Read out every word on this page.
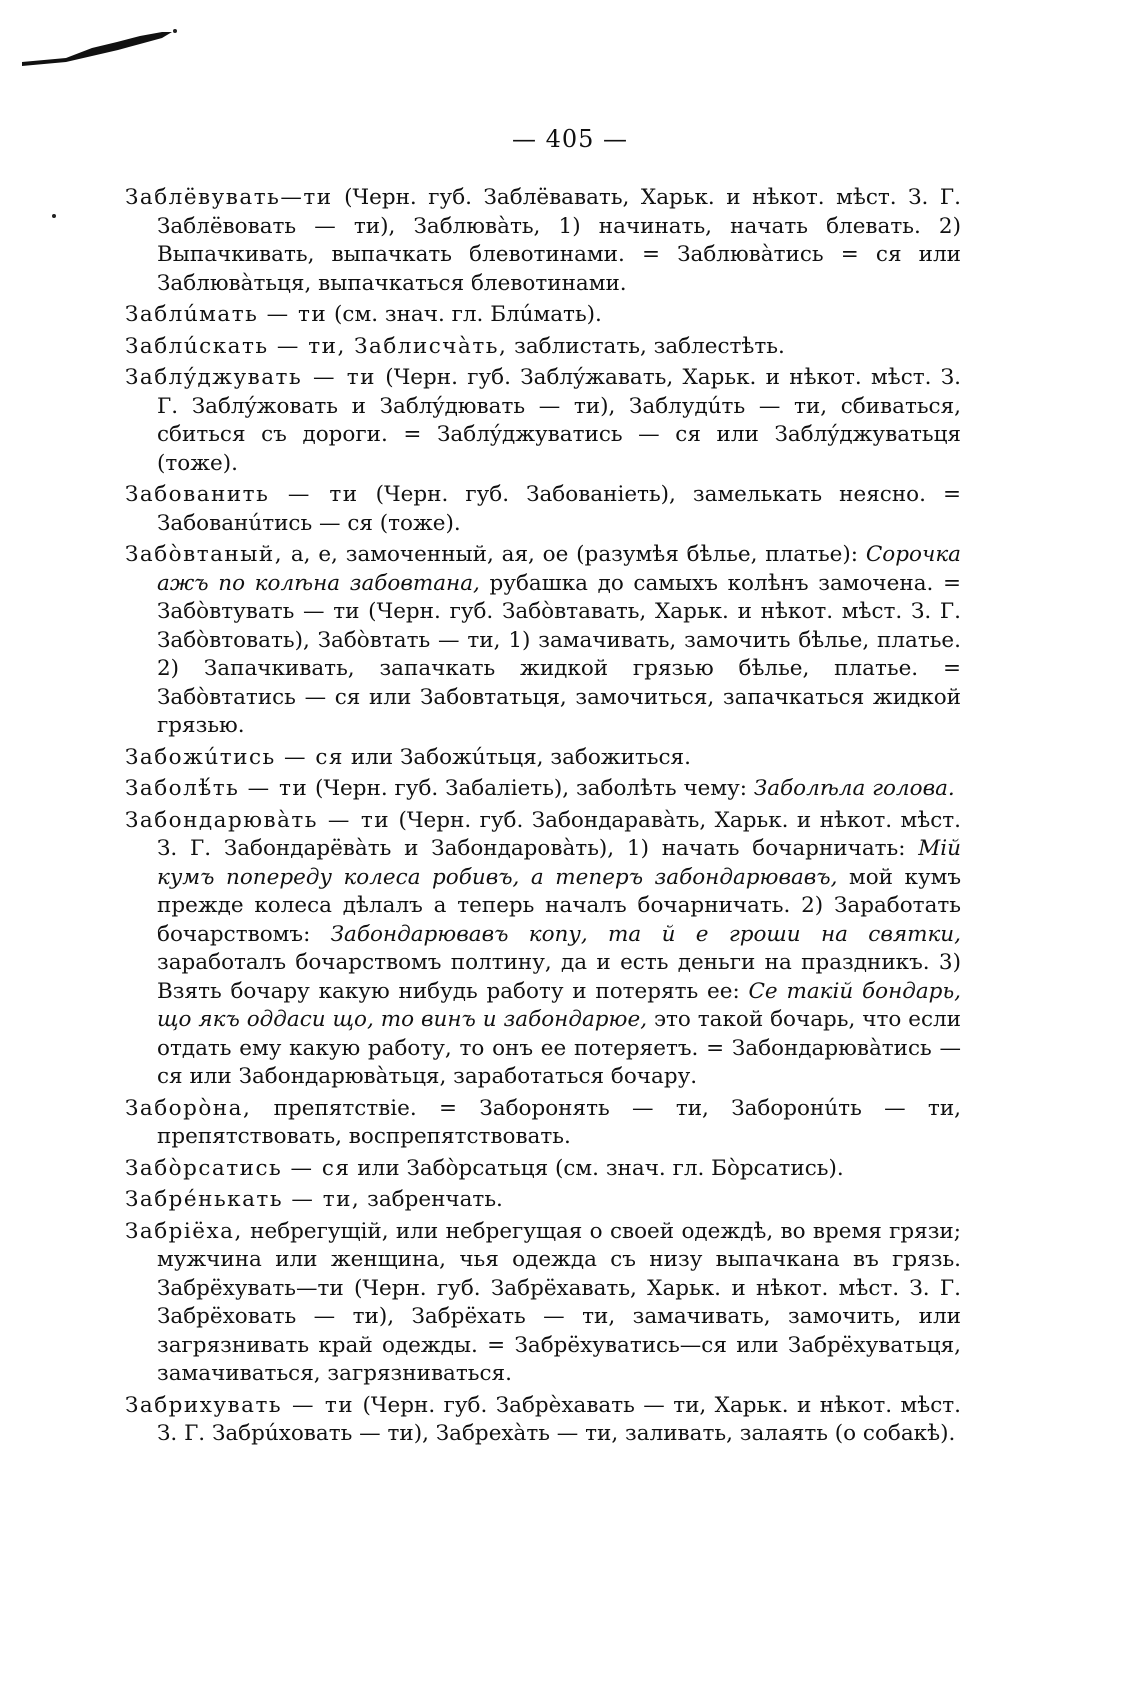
— 405 —

Заблёвувать—ти (Черн. губ. Заблёвавать, Харьк. и нѣкот. мѣст. З. Г. Заблёвовать — ти), Заблювàть, 1) начинать, начать блевать. 2) Выпачкивать, выпачкать блевотинами. = Заблювàтись = ся или Заблювàтьця, выпачкаться блевотинами.

Заблúмать — ти (см. знач. гл. Блúмать).

Заблúскать — ти, Заблисчàть, заблистать, заблестѣть.

Заблýджувать — ти (Черн. губ. Заблýжавать, Харьк. и нѣкот. мѣст. З. Г. Заблýжовать и Заблýдювать — ти), Заблудúть — ти, сбиваться, сбиться съ дороги. = Заблýджуватись — ся или Заблýджуватьця (тоже).

Забованить — ти (Черн. губ. Забованіеть), замелькать неясно. = Забованúтись — ся (тоже).

Забòвтаный, а, е, замоченный, ая, ое (разумѣя бѣлье, платье): Сорочка ажъ по колѣна забовтана, рубашка до самыхъ колѣнъ замочена. = Забòвтувать — ти (Черн. губ. Забòвтавать, Харьк. и нѣкот. мѣст. З. Г. Забòвтовать), Забòвтать — ти, 1) замачивать, замочить бѣлье, платье. 2) Запачкивать, запачкать жидкой грязью бѣлье, платье. = Забòвтатись — ся или Забовтатьця, замочиться, запачкаться жидкой грязью.

Забожúтись — ся или Забожúтьця, забожиться.

Заболѣ́ть — ти (Черн. губ. Забаліеть), заболѣть чему: Заболѣла голова.

Забондарювàть — ти (Черн. губ. Забондаравàть, Харьк. и нѣкот. мѣст. З. Г. Забондарёвàть и Забондаровàть), 1) начать бочарничать: Мій кумъ попереду колеса робивъ, а теперъ забондарювавъ, мой кумъ прежде колеса дѣлалъ а теперь началъ бочарничать. 2) Заработать бочарствомъ: Забондарювавъ копу, та й е гроши на святки, заработалъ бочарствомъ полтину, да и есть деньги на праздникъ. 3) Взять бочару какую нибудь работу и потерять ее: Се такій бондарь, що якъ оддаси що, то винъ и забондарюе, это такой бочарь, что если отдать ему какую работу, то онъ ее потеряетъ. = Забондарювàтись — ся или Забондарювàтьця, заработаться бочару.

Заборòна, препятствіе. = Заборонять — ти, Заборонúть — ти, препятствовать, воспрепятствовать.

Забòрсатись — ся или Забòрсатьця (см. знач. гл. Бòрсатись).

Забрéнькать — ти, забренчать.

Забріёха, небрегущій, или небрегущая о своей одеждѣ, во время грязи; мужчина или женщина, чья одежда съ низу выпачкана въ грязь. Забрёхувать—ти (Черн. губ. Забрёхавать, Харьк. и нѣкот. мѣст. З. Г. Забрёховать — ти), Забрёхать — ти, замачивать, замочить, или загрязнивать край одежды. = Забрёхуватись—ся или Забрёхуватьця, замачиваться, загрязниваться.

Забрихувать — ти (Черн. губ. Забрèхавать — ти, Харьк. и нѣкот. мѣст. З. Г. Забрúховать — ти), Забрехàть — ти, заливать, залаять (о собакѣ).
